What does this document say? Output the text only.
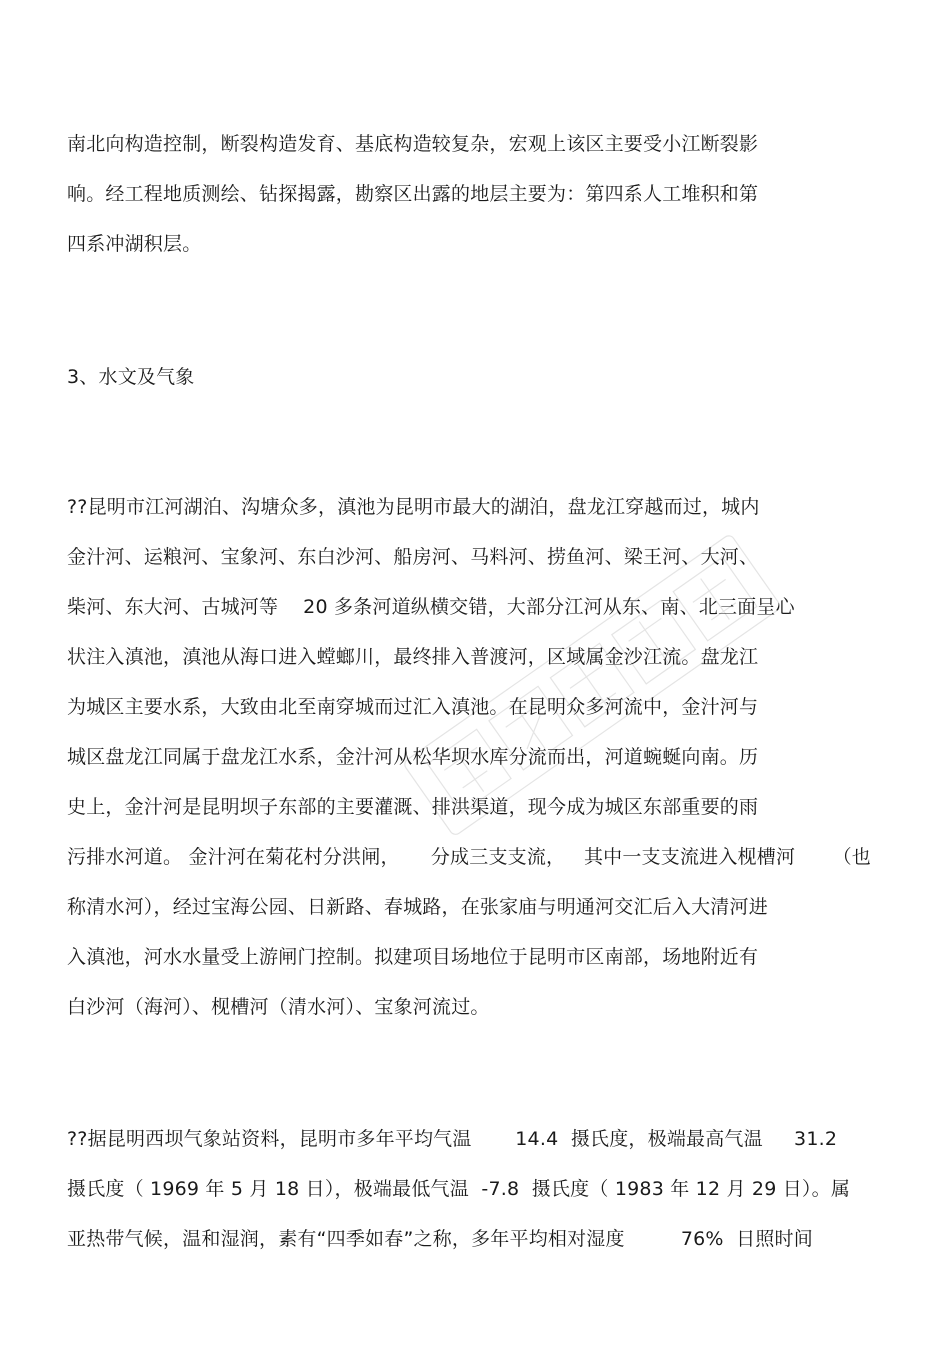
南北向构造控制，断裂构造发育、基底构造较复杂，宏观上该区主要受小江断裂影
响。经工程地质测绘、钻探揭露，勘察区出露的地层主要为：第四系人工堆积和第
四系冲湖积层。
3、水文及气象
??昆明市江河湖泊、沟塘众多，滇池为昆明市最大的湖泊，盘龙江穿越而过，城内
金汁河、运粮河、宝象河、东白沙河、船房河、马料河、捞鱼河、梁王河、大河、
柴河、东大河、古城河等    20 多条河道纵横交错，大部分江河从东、南、北三面呈心
状注入滇池，滇池从海口进入螳螂川，最终排入普渡河，区域属金沙江流。盘龙江
为城区主要水系，大致由北至南穿城而过汇入滇池。在昆明众多河流中，金汁河与
城区盘龙江同属于盘龙江水系，金汁河从松华坝水库分流而出，河道蜿蜒向南。历
史上，金汁河是昆明坝子东部的主要灌溉、排洪渠道，现今成为城区东部重要的雨
污排水河道。 金汁河在菊花村分洪闸，     分成三支支流，   其中一支支流进入枧槽河      （也
称清水河），经过宝海公园、日新路、春城路，在张家庙与明通河交汇后入大清河进
入滇池，河水水量受上游闸门控制。拟建项目场地位于昆明市区南部，场地附近有
白沙河（海河）、枧槽河（清水河）、宝象河流过。
??据昆明西坝气象站资料，昆明市多年平均气温       14.4  摄氏度，极端最高气温     31.2
摄氏度（ 1969 年 5 月 18 日），极端最低气温  -7.8  摄氏度（ 1983 年 12 月 29 日）。属
亚热带气候，温和湿润，素有“四季如春”之称，多年平均相对湿度         76%  日照时间
